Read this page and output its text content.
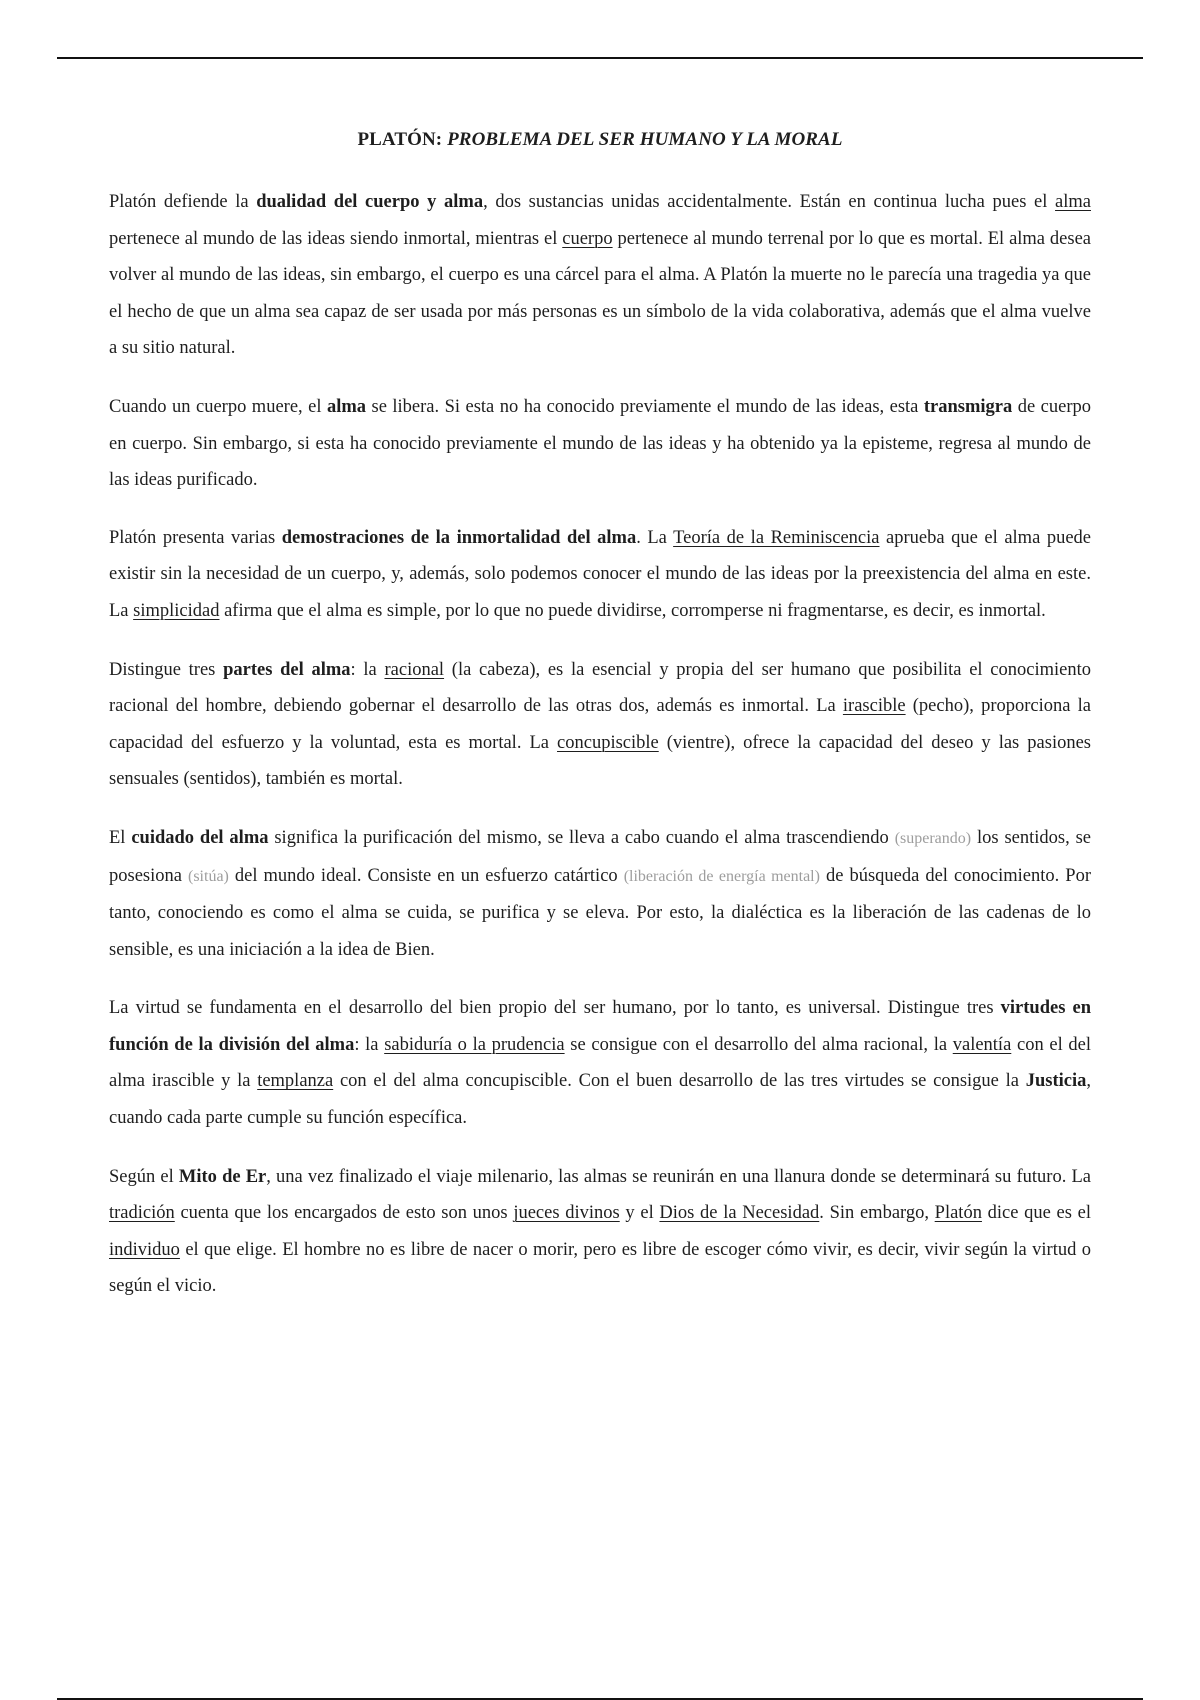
PLATÓN: PROBLEMA DEL SER HUMANO Y LA MORAL

Platón defiende la dualidad del cuerpo y alma, dos sustancias unidas accidentalmente. Están en continua lucha pues el alma pertenece al mundo de las ideas siendo inmortal, mientras el cuerpo pertenece al mundo terrenal por lo que es mortal. El alma desea volver al mundo de las ideas, sin embargo, el cuerpo es una cárcel para el alma. A Platón la muerte no le parecía una tragedia ya que el hecho de que un alma sea capaz de ser usada por más personas es un símbolo de la vida colaborativa, además que el alma vuelve a su sitio natural.

Cuando un cuerpo muere, el alma se libera. Si esta no ha conocido previamente el mundo de las ideas, esta transmigra de cuerpo en cuerpo. Sin embargo, si esta ha conocido previamente el mundo de las ideas y ha obtenido ya la episteme, regresa al mundo de las ideas purificado.

Platón presenta varias demostraciones de la inmortalidad del alma. La Teoría de la Reminiscencia aprueba que el alma puede existir sin la necesidad de un cuerpo, y, además, solo podemos conocer el mundo de las ideas por la preexistencia del alma en este. La simplicidad afirma que el alma es simple, por lo que no puede dividirse, corromperse ni fragmentarse, es decir, es inmortal.

Distingue tres partes del alma: la racional (la cabeza), es la esencial y propia del ser humano que posibilita el conocimiento racional del hombre, debiendo gobernar el desarrollo de las otras dos, además es inmortal. La irascible (pecho), proporciona la capacidad del esfuerzo y la voluntad, esta es mortal. La concupiscible (vientre), ofrece la capacidad del deseo y las pasiones sensuales (sentidos), también es mortal.

El cuidado del alma significa la purificación del mismo, se lleva a cabo cuando el alma trascendiendo (superando) los sentidos, se posesiona (sitúa) del mundo ideal. Consiste en un esfuerzo catártico (liberación de energía mental) de búsqueda del conocimiento. Por tanto, conociendo es como el alma se cuida, se purifica y se eleva. Por esto, la dialéctica es la liberación de las cadenas de lo sensible, es una iniciación a la idea de Bien.

La virtud se fundamenta en el desarrollo del bien propio del ser humano, por lo tanto, es universal. Distingue tres virtudes en función de la división del alma: la sabiduría o la prudencia se consigue con el desarrollo del alma racional, la valentía con el del alma irascible y la templanza con el del alma concupiscible. Con el buen desarrollo de las tres virtudes se consigue la Justicia, cuando cada parte cumple su función específica.

Según el Mito de Er, una vez finalizado el viaje milenario, las almas se reunirán en una llanura donde se determinará su futuro. La tradición cuenta que los encargados de esto son unos jueces divinos y el Dios de la Necesidad. Sin embargo, Platón dice que es el individuo el que elige. El hombre no es libre de nacer o morir, pero es libre de escoger cómo vivir, es decir, vivir según la virtud o según el vicio.
